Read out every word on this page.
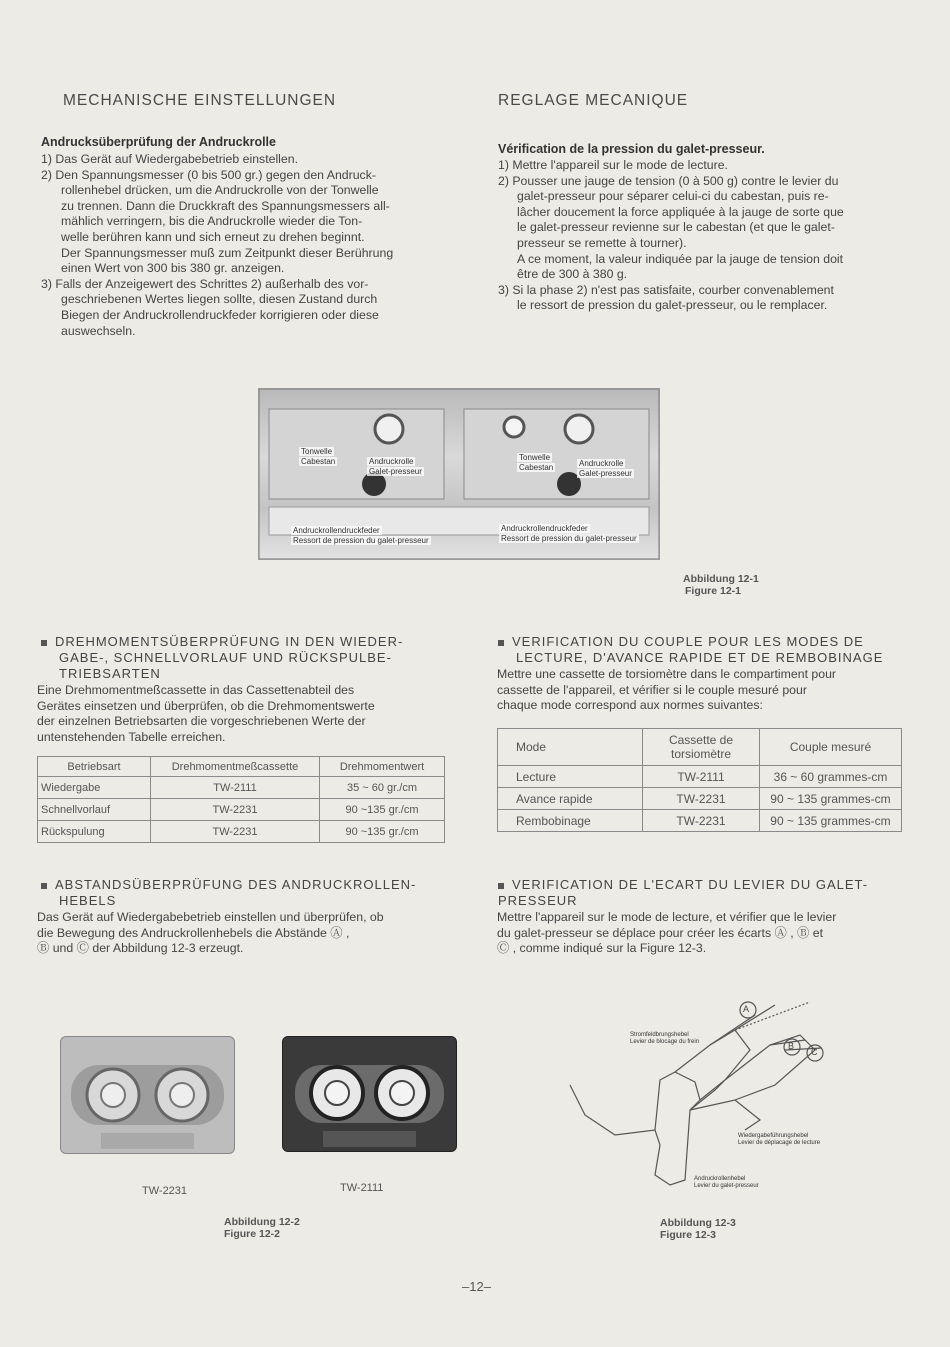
MECHANISCHE EINSTELLUNGEN	REGLAGE MECANIQUE
Andrucksüberprüfung der Andruckrolle
1) Das Gerät auf Wiedergabebetrieb einstellen.
2) Den Spannungsmesser (0 bis 500 gr.) gegen den Andruck-
rollenhebel drücken, um die Andruckrolle von der Tonwelle
zu trennen. Dann die Druckkraft des Spannungsmessers all-
mählich verringern, bis die Andruckrolle wieder die Ton-
welle berühren kann und sich erneut zu drehen beginnt.
Der Spannungsmesser muß zum Zeitpunkt dieser Berührung
einen Wert von 300 bis 380 gr. anzeigen.
3) Falls der Anzeigewert des Schrittes 2) außerhalb des vor-
geschriebenen Wertes liegen sollte, diesen Zustand durch
Biegen der Andruckrollendruckfeder korrigieren oder diese
auswechseln.
Vérification de la pression du galet-presseur.
1) Mettre l'appareil sur le mode de lecture.
2) Pousser une jauge de tension (0 à 500 g) contre le levier du
galet-presseur pour séparer celui-ci du cabestan, puis re-
lâcher doucement la force appliquée à la jauge de sorte que
le galet-presseur revienne sur le cabestan (et que le galet-
presseur se remette à tourner).
A ce moment, la valeur indiquée par la jauge de tension doit
être de 300 à 380 g.
3) Si la phase 2) n'est pas satisfaite, courber convenablement
le ressort de pression du galet-presseur, ou le remplacer.
Tonwelle
Cabestan	Andruckrolle
Galet-presseur
Tonwelle
Cabestan	Andruckrolle
Galet-presseur
Andruckrollendruckfeder
Ressort de pression du galet-presseur
Andruckrollendruckfeder
Ressort de pression du galet-presseur
Abbildung 12-1
Figure 12-1
DREHMOMENTSÜBERPRÜFUNG IN DEN WIEDER-
GABE-, SCHNELLVORLAUF UND RÜCKSPULBE-
TRIEBSARTEN
Eine Drehmomentmeßcassette in das Cassettenabteil des
Gerätes einsetzen und überprüfen, ob die Drehmomentswerte
der einzelnen Betriebsarten die vorgeschriebenen Werte der
untenstehenden Tabelle erreichen.
Betriebsart	Drehmomentmeßcassette	Drehmomentwert
Wiedergabe	TW-2111	35 ~ 60 gr./cm
Schnellvorlauf	TW-2231	90 ~135 gr./cm
Rückspulung	TW-2231	90 ~135 gr./cm
VERIFICATION DU COUPLE POUR LES MODES DE
LECTURE, D'AVANCE RAPIDE ET DE REMBOBINAGE
Mettre une cassette de torsiomètre dans le compartiment pour
cassette de l'appareil, et vérifier si le couple mesuré pour
chaque mode correspond aux normes suivantes:
Mode	Cassette de torsiomètre	Couple mesuré
Lecture	TW-2111	36 ~ 60 grammes-cm
Avance rapide	TW-2231	90 ~ 135 grammes-cm
Rembobinage	TW-2231	90 ~ 135 grammes-cm
ABSTANDSÜBERPRÜFUNG DES ANDRUCKROLLEN-
HEBELS
Das Gerät auf Wiedergabebetrieb einstellen und überprüfen, ob
die Bewegung des Andruckrollenhebels die Abstände Ⓐ ,
Ⓑ und Ⓒ der Abbildung 12-3 erzeugt.
VERIFICATION DE L'ECART DU LEVIER DU GALET-
PRESSEUR
Mettre l'appareil sur le mode de lecture, et vérifier que le levier
du galet-presseur se déplace pour créer les écarts Ⓐ , Ⓑ et
Ⓒ , comme indiqué sur la Figure 12-3.
TW-2231	TW-2111
Abbildung 12-2
Figure 12-2
A
B
C
Stromfeldbrungshebel
Levier de blocage du frein
Wiedergabeführungshebel
Levier de déplacage de lecture
Andruckrollenhebel
Levier du galet-presseur
Abbildung 12-3
Figure 12-3
–12–
